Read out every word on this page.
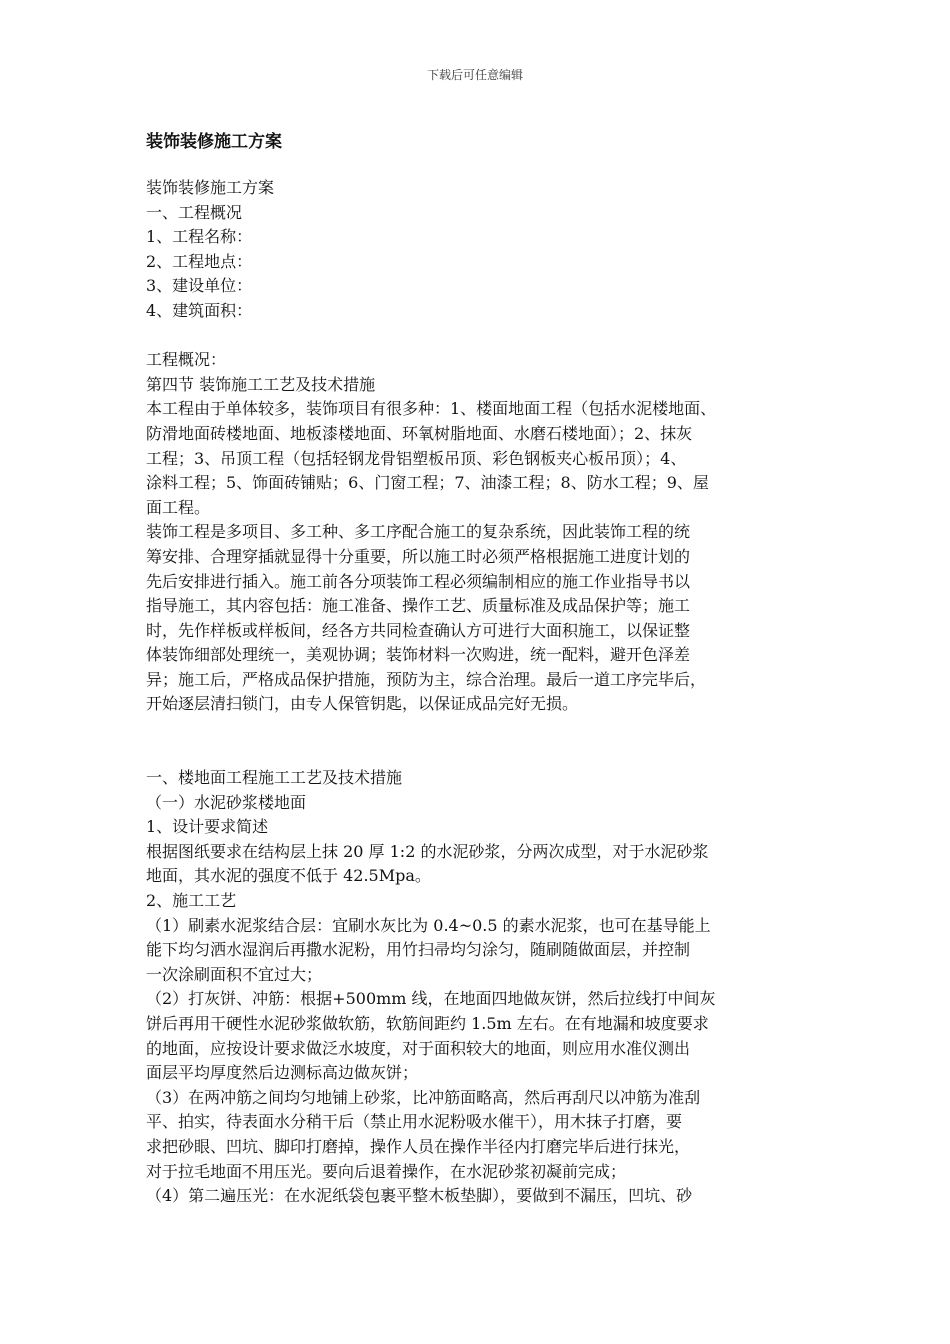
下载后可任意编辑
装饰装修施工方案
装饰装修施工方案
一、工程概况
1、工程名称：
2、工程地点：
3、建设单位：
4、建筑面积：
工程概况：
第四节 装饰施工工艺及技术措施
本工程由于单体较多，装饰项目有很多种：1、楼面地面工程（包括水泥楼地面、
防滑地面砖楼地面、地板漆楼地面、环氧树脂地面、水磨石楼地面）；2、抹灰
工程；3、吊顶工程（包括轻钢龙骨铝塑板吊顶、彩色钢板夹心板吊顶）；4、
涂料工程；5、饰面砖铺贴；6、门窗工程；7、油漆工程；8、防水工程；9、屋
面工程。
装饰工程是多项目、多工种、多工序配合施工的复杂系统，因此装饰工程的统
筹安排、合理穿插就显得十分重要，所以施工时必须严格根据施工进度计划的
先后安排进行插入。施工前各分项装饰工程必须编制相应的施工作业指导书以
指导施工，其内容包括：施工准备、操作工艺、质量标准及成品保护等；施工
时，先作样板或样板间，经各方共同检查确认方可进行大面积施工，以保证整
体装饰细部处理统一，美观协调；装饰材料一次购进，统一配料，避开色泽差
异；施工后，严格成品保护措施，预防为主，综合治理。最后一道工序完毕后，
开始逐层清扫锁门，由专人保管钥匙，以保证成品完好无损。
一、楼地面工程施工工艺及技术措施
（一）水泥砂浆楼地面
1、设计要求简述
根据图纸要求在结构层上抹 20 厚 1:2 的水泥砂浆，分两次成型，对于水泥砂浆
地面，其水泥的强度不低于 42.5Mpa。
2、施工工艺
（1）刷素水泥浆结合层：宜刷水灰比为 0.4~0.5 的素水泥浆，也可在基导能上
能下均匀洒水湿润后再撒水泥粉，用竹扫帚均匀涂匀，随刷随做面层，并控制
一次涂刷面积不宜过大；
（2）打灰饼、冲筋：根据+500mm 线，在地面四地做灰饼，然后拉线打中间灰
饼后再用干硬性水泥砂浆做软筋，软筋间距约 1.5m 左右。在有地漏和坡度要求
的地面，应按设计要求做泛水坡度，对于面积较大的地面，则应用水准仪测出
面层平均厚度然后边测标高边做灰饼；
（3）在两冲筋之间均匀地铺上砂浆，比冲筋面略高，然后再刮尺以冲筋为准刮
平、拍实，待表面水分稍干后（禁止用水泥粉吸水催干），用木抹子打磨，要
求把砂眼、凹坑、脚印打磨掉，操作人员在操作半径内打磨完毕后进行抹光，
对于拉毛地面不用压光。要向后退着操作，在水泥砂浆初凝前完成；
（4）第二遍压光：在水泥纸袋包裹平整木板垫脚），要做到不漏压，凹坑、砂
